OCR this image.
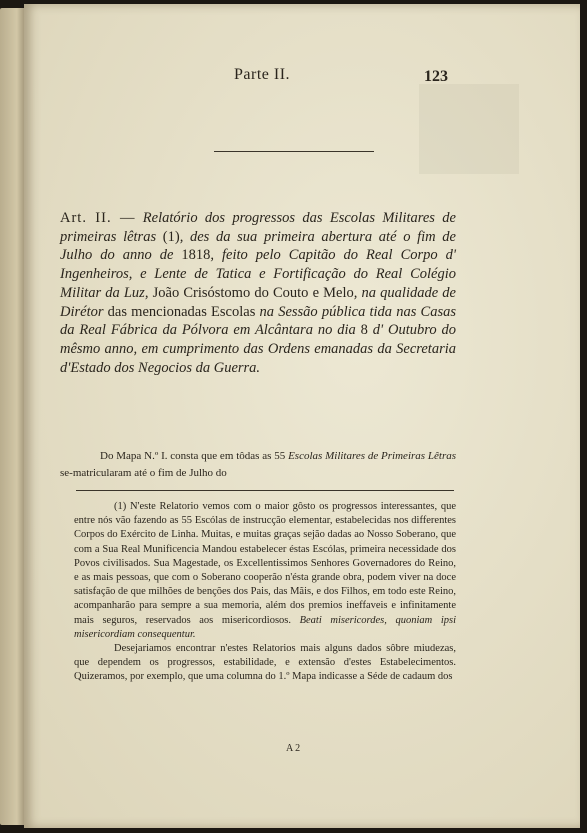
Parte II.	123
Art. II. — Relatório dos progressos das Escolas Militares de primeiras lêtras (1), des da sua primeira abertura até o fim de Julho do anno de 1818, feito pelo Capitão do Real Corpo d' Ingenheiros, e Lente de Tatica e Fortificação do Real Colégio Militar da Luz, João Crisóstomo do Couto e Melo, na qualidade de Dirétor das mencionadas Escolas na Sessão pública tida nas Casas da Real Fábrica da Pólvora em Alcântara no dia 8 d' Outubro do mêsmo anno, em cumprimento das Ordens emanadas da Secretaria d'Estado dos Negocios da Guerra.
Do Mapa N.º I. consta que em tôdas as 55 Escolas Militares de Primeiras Lêtras se-matricularam até o fim de Julho do

(1) N'este Relatorio vemos com o maior gôsto os progressos interessantes, que entre nós vão fazendo as 55 Escólas de instrucção elementar, estabelecidas nos differentes Corpos do Exército de Linha. Muitas, e muitas graças sejão dadas ao Nosso Soberano, que com a Sua Real Munificencia Mandou estabelecer éstas Escólas, primeira necessidade dos Povos civilisados. Sua Magestade, os Excellentissimos Senhores Governadores do Reino, e as mais pessoas, que com o Soberano cooperão n'ésta grande obra, podem viver na doce satisfação de que milhões de benções dos Pais, das Mãis, e dos Filhos, em todo este Reino, acompanharão para sempre a sua memoria, além dos premios ineffaveis e infinitamente mais seguros, reservados aos misericordiosos. Beati misericordes, quoniam ipsi misericordiam consequentur.

Desejariamos encontrar n'estes Relatorios mais alguns dados sôbre miudezas, que dependem os progressos, estabilidade, e extensão d'estes Estabelecimentos. Quizeramos, por exemplo, que uma columna do 1.º Mapa indicasse a Séde de cadaum dos

A 2
